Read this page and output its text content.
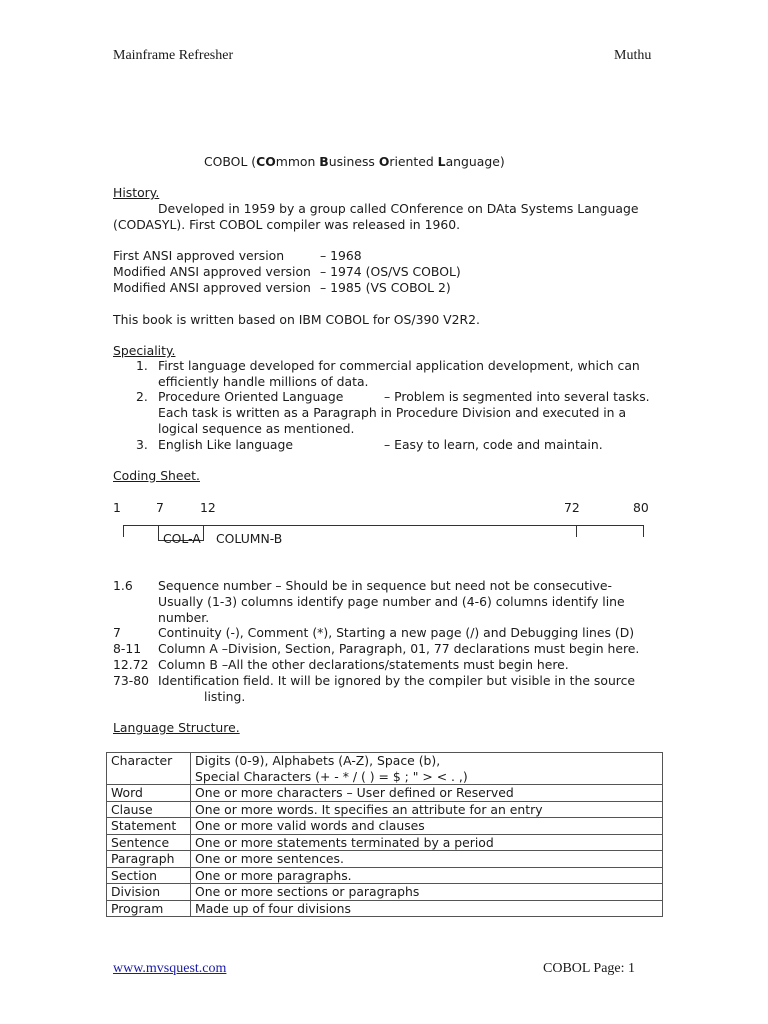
Mainframe Refresher	Muthu
COBOL (COmmon Business Oriented Language)
History.
Developed in 1959 by a group called COnference on DAta Systems Language
(CODASYL). First COBOL compiler was released in 1960.
First ANSI approved version	– 1968
Modified ANSI approved version – 1974 (OS/VS COBOL)
Modified ANSI approved version – 1985 (VS COBOL 2)
This book is written based on IBM COBOL for OS/390 V2R2.
Speciality.
1. First language developed for commercial application development, which can
efficiently handle millions of data.
2. Procedure Oriented Language	– Problem is segmented into several tasks.
Each task is written as a Paragraph in Procedure Division and executed in a
logical sequence as mentioned.
3. English Like language	– Easy to learn, code and maintain.
Coding Sheet.
1	7	12	72	80
COL-A COLUMN-B
1.6 Sequence number – Should be in sequence but need not be consecutive-
Usually (1-3) columns identify page number and (4-6) columns identify line
number.
7	Continuity (-), Comment (*), Starting a new page (/) and Debugging lines (D)
8-11 Column A –Division, Section, Paragraph, 01, 77 declarations must begin here.
12.72 Column B –All the other declarations/statements must begin here.
73-80 Identification field. It will be ignored by the compiler but visible in the source
listing.
Language Structure.
Character	Digits (0-9), Alphabets (A-Z), Space (b),
Special Characters (+ - * / ( ) = $ ; " > < . ,)

Word	One or more characters – User defined or Reserved

Clause	One or more words. It specifies an attribute for an entry

Statement	One or more valid words and clauses

Sentence	One or more statements terminated by a period

Paragraph	One or more sentences.

Section	One or more paragraphs.

Division	One or more sections or paragraphs

Program	Made up of four divisions
www.mvsquest.com	COBOL Page: 1
